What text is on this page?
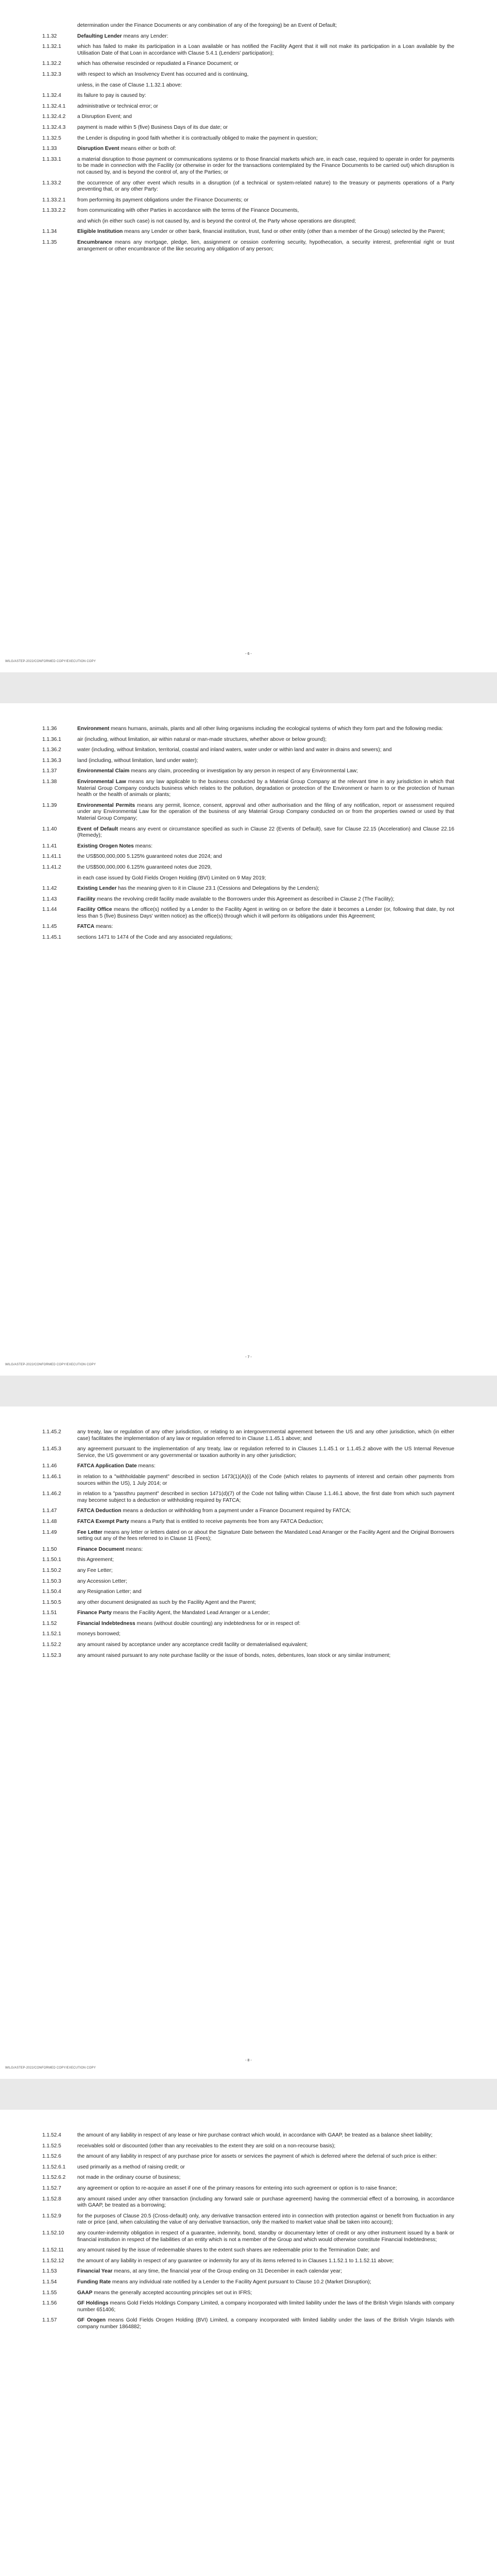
determination under the Finance Documents or any combination of any of the foregoing) be an Event of Default;
1.1.32	Defaulting Lender means any Lender:
1.1.32.1	which has failed to make its participation in a Loan available or has notified the Facility Agent that it will not make its participation in a Loan available by the Utilisation Date of that Loan in accordance with Clause 5.4.1 (Lenders' participation);
1.1.32.2	which has otherwise rescinded or repudiated a Finance Document; or
1.1.32.3	with respect to which an Insolvency Event has occurred and is continuing,
unless, in the case of Clause 1.1.32.1 above:
1.1.32.4	its failure to pay is caused by:
1.1.32.4.1	administrative or technical error; or
1.1.32.4.2	a Disruption Event; and
1.1.32.4.3	payment is made within 5 (five) Business Days of its due date; or
1.1.32.5	the Lender is disputing in good faith whether it is contractually obliged to make the payment in question;
1.1.33	Disruption Event means either or both of:
1.1.33.1	a material disruption to those payment or communications systems or to those financial markets which are, in each case, required to operate in order for payments to be made in connection with the Facility (or otherwise in order for the transactions contemplated by the Finance Documents to be carried out) which disruption is not caused by, and is beyond the control of, any of the Parties; or
1.1.33.2	the occurrence of any other event which results in a disruption (of a technical or system-related nature) to the treasury or payments operations of a Party preventing that, or any other Party:
1.1.33.2.1	from performing its payment obligations under the Finance Documents; or
1.1.33.2.2	from communicating with other Parties in accordance with the terms of the Finance Documents,
and which (in either such case) is not caused by, and is beyond the control of, the Party whose operations are disrupted;
1.1.34	Eligible Institution means any Lender or other bank, financial institution, trust, fund or other entity (other than a member of the Group) selected by the Parent;
1.1.35	Encumbrance means any mortgage, pledge, lien, assignment or cession conferring security, hypothecation, a security interest, preferential right or trust arrangement or other encumbrance of the like securing any obligation of any person;
- 6 -
WILG/ASTEP-2022/CONFORMED COPY/EXECUTION COPY
1.1.36	Environment means humans, animals, plants and all other living organisms including the ecological systems of which they form part and the following media:
1.1.36.1	air (including, without limitation, air within natural or man-made structures, whether above or below ground);
1.1.36.2	water (including, without limitation, territorial, coastal and inland waters, water under or within land and water in drains and sewers); and
1.1.36.3	land (including, without limitation, land under water);
1.1.37	Environmental Claim means any claim, proceeding or investigation by any person in respect of any Environmental Law;
1.1.38	Environmental Law means any law applicable to the business conducted by a Material Group Company at the relevant time in any jurisdiction in which that Material Group Company conducts business which relates to the pollution, degradation or protection of the Environment or harm to or the protection of human health or the health of animals or plants;
1.1.39	Environmental Permits means any permit, licence, consent, approval and other authorisation and the filing of any notification, report or assessment required under any Environmental Law for the operation of the business of any Material Group Company conducted on or from the properties owned or used by that Material Group Company;
1.1.40	Event of Default means any event or circumstance specified as such in Clause 22 (Events of Default), save for Clause 22.15 (Acceleration) and Clause 22.16 (Remedy);
1.1.41	Existing Orogen Notes means:
1.1.41.1	the US$500,000,000 5.125% guaranteed notes due 2024; and
1.1.41.2	the US$500,000,000 6.125% guaranteed notes due 2029,
in each case issued by Gold Fields Orogen Holding (BVI) Limited on 9 May 2019;
1.1.42	Existing Lender has the meaning given to it in Clause 23.1 (Cessions and Delegations by the Lenders);
1.1.43	Facility means the revolving credit facility made available to the Borrowers under this Agreement as described in Clause 2 (The Facility);
1.1.44	Facility Office means the office(s) notified by a Lender to the Facility Agent in writing on or before the date it becomes a Lender (or, following that date, by not less than 5 (five) Business Days' written notice) as the office(s) through which it will perform its obligations under this Agreement;
1.1.45	FATCA means:
1.1.45.1	sections 1471 to 1474 of the Code and any associated regulations;
- 7 -
WILG/ASTEP-2022/CONFORMED COPY/EXECUTION COPY
1.1.45.2	any treaty, law or regulation of any other jurisdiction, or relating to an intergovernmental agreement between the US and any other jurisdiction, which (in either case) facilitates the implementation of any law or regulation referred to in Clause 1.1.45.1 above; and
1.1.45.3	any agreement pursuant to the implementation of any treaty, law or regulation referred to in Clauses 1.1.45.1 or 1.1.45.2 above with the US Internal Revenue Service, the US government or any governmental or taxation authority in any other jurisdiction;
1.1.46	FATCA Application Date means:
1.1.46.1	in relation to a "withholdable payment" described in section 1473(1)(A)(i) of the Code (which relates to payments of interest and certain other payments from sources within the US), 1 July 2014; or
1.1.46.2	in relation to a "passthru payment" described in section 1471(d)(7) of the Code not falling within Clause 1.1.46.1 above, the first date from which such payment may become subject to a deduction or withholding required by FATCA;
1.1.47	FATCA Deduction means a deduction or withholding from a payment under a Finance Document required by FATCA;
1.1.48	FATCA Exempt Party means a Party that is entitled to receive payments free from any FATCA Deduction;
1.1.49	Fee Letter means any letter or letters dated on or about the Signature Date between the Mandated Lead Arranger or the Facility Agent and the Original Borrowers setting out any of the fees referred to in Clause 11 (Fees);
1.1.50	Finance Document means:
1.1.50.1	this Agreement;
1.1.50.2	any Fee Letter;
1.1.50.3	any Accession Letter;
1.1.50.4	any Resignation Letter; and
1.1.50.5	any other document designated as such by the Facility Agent and the Parent;
1.1.51	Finance Party means the Facility Agent, the Mandated Lead Arranger or a Lender;
1.1.52	Financial Indebtedness means (without double counting) any indebtedness for or in respect of:
1.1.52.1	moneys borrowed;
1.1.52.2	any amount raised by acceptance under any acceptance credit facility or dematerialised equivalent;
1.1.52.3	any amount raised pursuant to any note purchase facility or the issue of bonds, notes, debentures, loan stock or any similar instrument;
- 8 -
WILG/ASTEP-2022/CONFORMED COPY/EXECUTION COPY
1.1.52.4	the amount of any liability in respect of any lease or hire purchase contract which would, in accordance with GAAP, be treated as a balance sheet liability;
1.1.52.5	receivables sold or discounted (other than any receivables to the extent they are sold on a non-recourse basis);
1.1.52.6	the amount of any liability in respect of any purchase price for assets or services the payment of which is deferred where the deferral of such price is either:
1.1.52.6.1	used primarily as a method of raising credit; or
1.1.52.6.2	not made in the ordinary course of business;
1.1.52.7	any agreement or option to re-acquire an asset if one of the primary reasons for entering into such agreement or option is to raise finance;
1.1.52.8	any amount raised under any other transaction (including any forward sale or purchase agreement) having the commercial effect of a borrowing, in accordance with GAAP, be treated as a borrowing;
1.1.52.9	for the purposes of Clause 20.5 (Cross-default) only, any derivative transaction entered into in connection with protection against or benefit from fluctuation in any rate or price (and, when calculating the value of any derivative transaction, only the marked to market value shall be taken into account);
1.1.52.10	any counter-indemnity obligation in respect of a guarantee, indemnity, bond, standby or documentary letter of credit or any other instrument issued by a bank or financial institution in respect of the liabilities of an entity which is not a member of the Group and which would otherwise constitute Financial Indebtedness;
1.1.52.11	any amount raised by the issue of redeemable shares to the extent such shares are redeemable prior to the Termination Date; and
1.1.52.12	the amount of any liability in respect of any guarantee or indemnity for any of its items referred to in Clauses 1.1.52.1 to 1.1.52.11 above;
1.1.53	Financial Year means, at any time, the financial year of the Group ending on 31 December in each calendar year;
1.1.54	Funding Rate means any individual rate notified by a Lender to the Facility Agent pursuant to Clause 10.2 (Market Disruption);
1.1.55	GAAP means the generally accepted accounting principles set out in IFRS;
1.1.56	GF Holdings means Gold Fields Holdings Company Limited, a company incorporated with limited liability under the laws of the British Virgin Islands with company number 651406;
1.1.57	GF Orogen means Gold Fields Orogen Holding (BVI) Limited, a company incorporated with limited liability under the laws of the British Virgin Islands with company number 1864882;
